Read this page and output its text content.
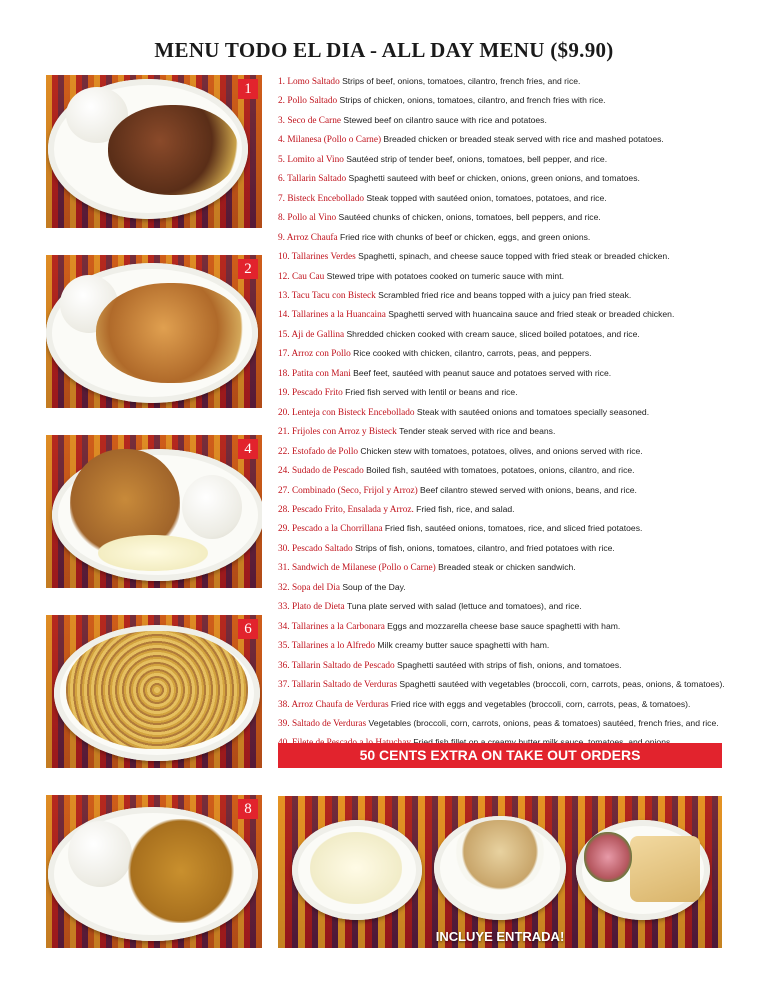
MENU TODO EL DIA - ALL DAY MENU ($9.90)
1
2
4
6
8
1. Lomo Saltado Strips of beef, onions, tomatoes, cilantro, french fries, and rice.
2. Pollo Saltado Strips of chicken, onions, tomatoes, cilantro, and french fries with rice.
3. Seco de Carne Stewed beef on cilantro sauce with rice and potatoes.
4. Milanesa (Pollo o Carne) Breaded chicken or breaded steak served with rice and mashed potatoes.
5. Lomito al Vino Sautéed strip of tender beef, onions, tomatoes, bell pepper, and rice.
6. Tallarin Saltado Spaghetti sauteed with beef or chicken, onions, green onions, and tomatoes.
7. Bisteck Encebollado Steak topped with sautéed onion, tomatoes, potatoes, and rice.
8. Pollo al Vino Sautéed chunks of chicken, onions, tomatoes, bell peppers, and rice.
9. Arroz Chaufa Fried rice with chunks of beef or chicken, eggs, and green onions.
10. Tallarines Verdes Spaghetti, spinach, and cheese sauce topped with fried steak or breaded chicken.
12. Cau Cau Stewed tripe with potatoes cooked on tumeric sauce with mint.
13. Tacu Tacu con Bisteck Scrambled fried rice and beans topped with a juicy pan fried steak.
14. Tallarines a la Huancaina Spaghetti served with huancaina sauce and fried steak or breaded chicken.
15. Aji de Gallina Shredded chicken cooked with cream sauce, sliced boiled potatoes, and rice.
17. Arroz con Pollo Rice cooked with chicken, cilantro, carrots, peas, and peppers.
18. Patita con Mani Beef feet, sautéed with peanut sauce and potatoes served with rice.
19. Pescado Frito Fried fish served with lentil or beans and rice.
20. Lenteja con Bisteck Encebollado Steak with sautéed onions and tomatoes specially seasoned.
21. Frijoles con Arroz y Bisteck Tender steak served with rice and beans.
22. Estofado de Pollo Chicken stew with tomatoes, potatoes, olives, and onions served with rice.
24. Sudado de Pescado Boiled fish, sautéed with tomatoes, potatoes, onions, cilantro, and rice.
27. Combinado (Seco, Frijol y Arroz) Beef cilantro stewed served with onions, beans, and rice.
28. Pescado Frito, Ensalada y Arroz. Fried fish, rice, and salad.
29. Pescado a la Chorrillana Fried fish, sautéed onions, tomatoes, rice, and sliced fried potatoes.
30. Pescado Saltado Strips of fish, onions, tomatoes, cilantro, and fried potatoes with rice.
31. Sandwich de Milanese (Pollo o Carne) Breaded steak or chicken sandwich.
32. Sopa del Dia Soup of the Day.
33. Plato de Dieta Tuna plate served with salad (lettuce and tomatoes), and rice.
34. Tallarines a la Carbonara Eggs and mozzarella cheese base sauce spaghetti with ham.
35. Tallarines a lo Alfredo Milk creamy butter sauce spaghetti with ham.
36. Tallarin Saltado de Pescado Spaghetti sautéed with strips of fish, onions, and tomatoes.
37. Tallarin Saltado de Verduras Spaghetti sautéed with vegetables (broccoli, corn, carrots, peas, onions, & tomatoes).
38. Arroz Chaufa de Verduras Fried rice with eggs and vegetables (broccoli, corn, carrots, peas, & tomatoes).
39. Saltado de Verduras Vegetables (broccoli, corn, carrots, onions, peas & tomatoes) sautéed, french fries, and rice.
50 CENTS EXTRA ON TAKE OUT ORDERS
INCLUYE ENTRADA!
